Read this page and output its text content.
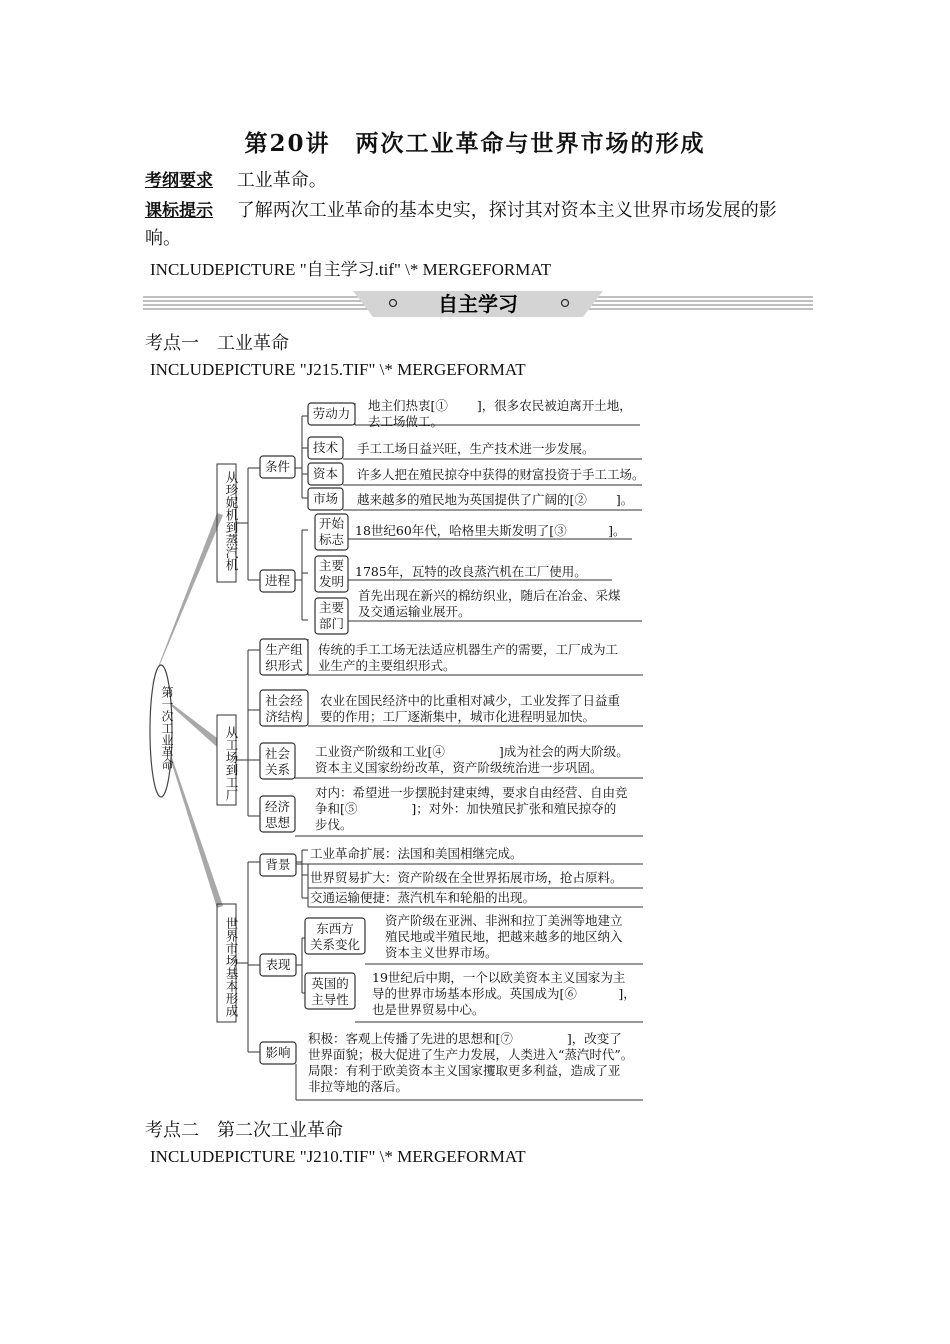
第20讲　两次工业革命与世界市场的形成
考纲要求 工业革命。
课标提示 了解两次工业革命的基本史实，探讨其对资本主义世界市场发展的影
响。
INCLUDEPICTURE "自主学习.tif" \* MERGEFORMAT
自主学习
考点一　工业革命
INCLUDEPICTURE "J215.TIF" \* MERGEFORMAT
从珍妮机到蒸汽机
从工场到工厂
世界市场基本形成
第一次工业革命
条件
进程
劳动力
技术
资本
市场
开始
标志
主要
发明
主要
部门
地主们热衷[①　　 ]，很多农民被迫离开土地，
去工场做工。
手工工场日益兴旺，生产技术进一步发展。
许多人把在殖民掠夺中获得的财富投资于手工工场。
越来越多的殖民地为英国提供了广阔的[②　　 ]。
18世纪60年代，哈格里夫斯发明了[③　　　 ]。
1785年，瓦特的改良蒸汽机在工厂使用。
首先出现在新兴的棉纺织业，随后在冶金、采煤
及交通运输业展开。
生产组
织形式
社会经
济结构
社会
关系
经济
思想
传统的手工工场无法适应机器生产的需要，工厂成为工
业生产的主要组织形式。
农业在国民经济中的比重相对减少，工业发挥了日益重
要的作用；工厂逐渐集中，城市化进程明显加快。
工业资产阶级和工业[④　　　　 ]成为社会的两大阶级。
资本主义国家纷纷改革，资产阶级统治进一步巩固。
对内：希望进一步摆脱封建束缚，要求自由经营、自由竞
争和[⑤　　　　 ]；对外：加快殖民扩张和殖民掠夺的
步伐。
背景
表现
影响
东西方
关系变化
英国的
主导性
工业革命扩展：法国和美国相继完成。
世界贸易扩大：资产阶级在全世界拓展市场，抢占原料。
交通运输便捷：蒸汽机车和轮船的出现。
资产阶级在亚洲、非洲和拉丁美洲等地建立
殖民地或半殖民地，把越来越多的地区纳入
资本主义世界市场。
19世纪后中期，一个以欧美资本主义国家为主
导的世界市场基本形成。英国成为[⑥　　　 ]，
也是世界贸易中心。
积极：客观上传播了先进的思想和[⑦　　　　 ]，改变了
世界面貌；极大促进了生产力发展，人类进入“蒸汽时代”。
局限：有利于欧美资本主义国家攫取更多利益，造成了亚
非拉等地的落后。
考点二　第二次工业革命
INCLUDEPICTURE "J210.TIF" \* MERGEFORMAT
